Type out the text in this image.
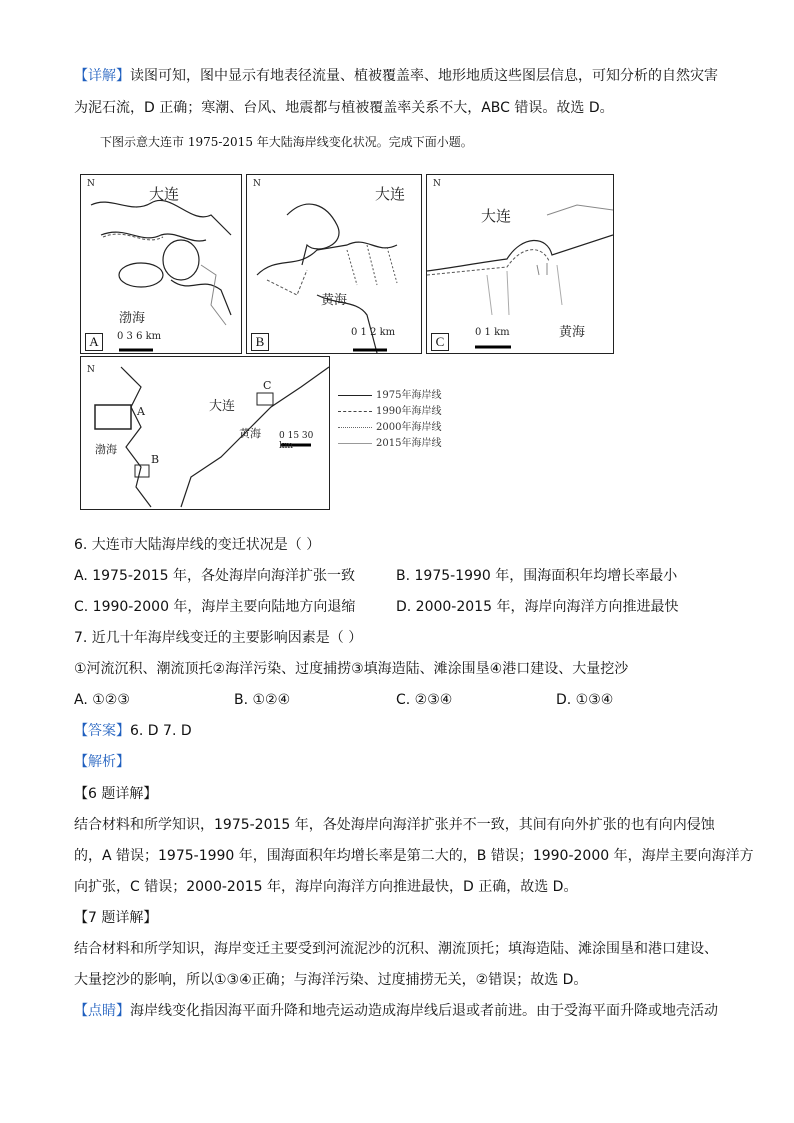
【详解】读图可知，图中显示有地表径流量、植被覆盖率、地形地质这些图层信息，可知分析的自然灾害
为泥石流，D 正确；寒潮、台风、地震都与植被覆盖率关系不大，ABC 错误。故选 D。
下图示意大连市 1975-2015 年大陆海岸线变化状况。完成下面小题。
N
大连
渤海
0 3 6 km
A
N
大连
黄海
0 1 2 km
B
N
大连
黄海
0 1 km
C
N
大连
黄海
渤海
A
B
C
0 15 30 km
1975年海岸线
1990年海岸线
2000年海岸线
2015年海岸线
6. 大连市大陆海岸线的变迁状况是（ ）
A. 1975-2015 年，各处海岸向海洋扩张一致	B. 1975-1990 年，围海面积年均增长率最小
C. 1990-2000 年，海岸主要向陆地方向退缩	D. 2000-2015 年，海岸向海洋方向推进最快
7. 近几十年海岸线变迁的主要影响因素是（ ）
①河流沉积、潮流顶托②海洋污染、过度捕捞③填海造陆、滩涂围垦④港口建设、大量挖沙
A. ①②③	B. ①②④	C. ②③④	D. ①③④
【答案】6. D 7. D
【解析】
【6 题详解】
结合材料和所学知识，1975-2015 年，各处海岸向海洋扩张并不一致，其间有向外扩张的也有向内侵蚀
的，A 错误；1975-1990 年，围海面积年均增长率是第二大的，B 错误；1990-2000 年，海岸主要向海洋方
向扩张，C 错误；2000-2015 年，海岸向海洋方向推进最快，D 正确，故选 D。
【7 题详解】
结合材料和所学知识，海岸变迁主要受到河流泥沙的沉积、潮流顶托；填海造陆、滩涂围垦和港口建设、
大量挖沙的影响，所以①③④正确；与海洋污染、过度捕捞无关，②错误；故选 D。
【点睛】海岸线变化指因海平面升降和地壳运动造成海岸线后退或者前进。由于受海平面升降或地壳活动
